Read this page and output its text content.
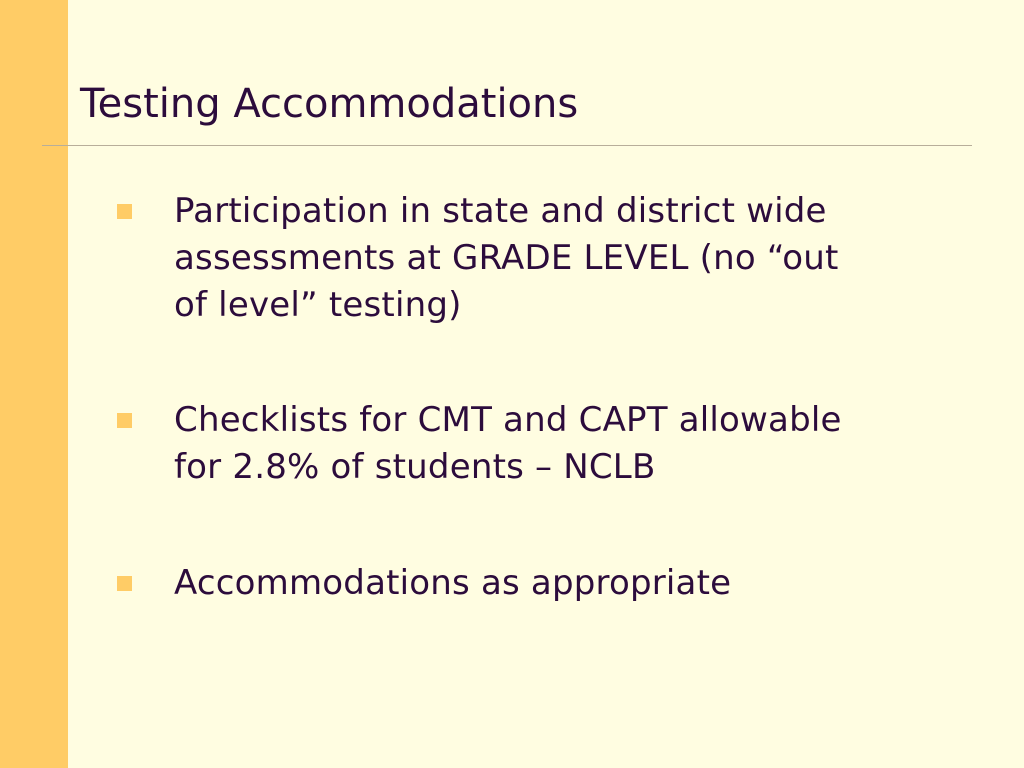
Testing Accommodations
Participation in state and district wide
assessments at GRADE LEVEL (no “out
of level” testing)
Checklists for CMT and CAPT allowable
for 2.8% of students – NCLB
Accommodations as appropriate
